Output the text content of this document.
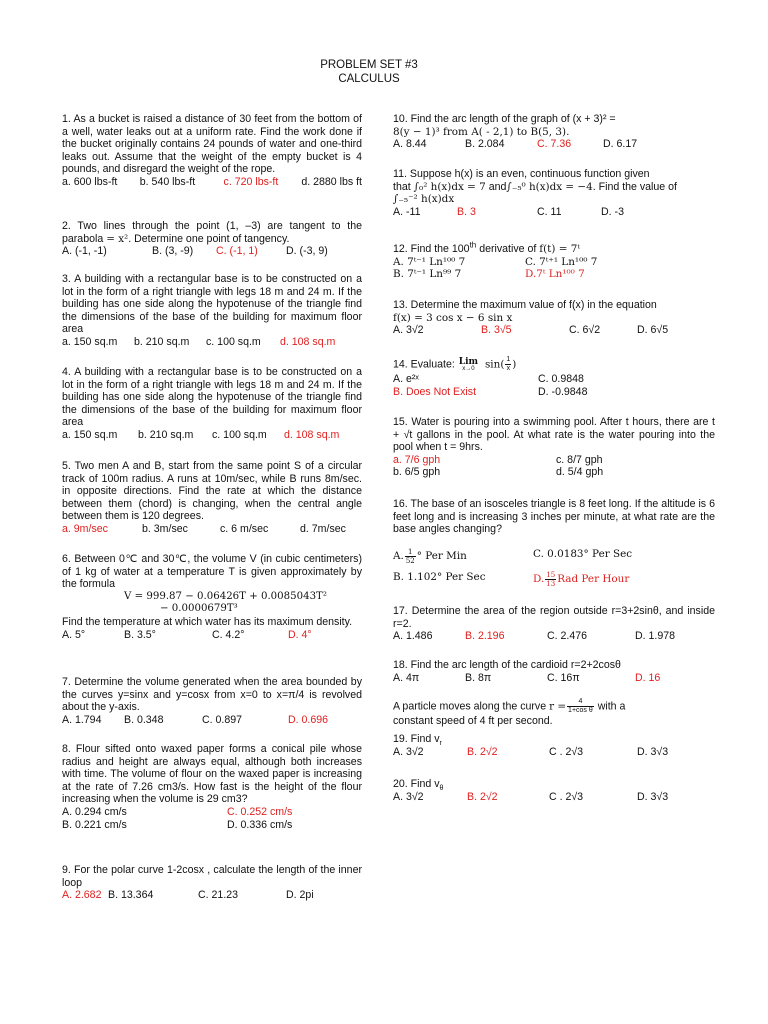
PROBLEM SET #3
CALCULUS
1. As a bucket is raised a distance of 30 feet from the bottom of a well, water leaks out at a uniform rate. Find the work done if the bucket originally contains 24 pounds of water and one-third leaks out. Assume that the weight of the empty bucket is 4 pounds, and disregard the weight of the rope.
a. 600 lbs-ft	b. 540 lbs-ft	c. 720 lbs-ft	d. 2880 lbs ft
2. Two lines through the point (1, –3) are tangent to the parabola = x². Determine one point of tangency.
A. (-1, -1)	B. (3, -9)	C. (-1, 1)	D. (-3, 9)
3. A building with a rectangular base is to be constructed on a lot in the form of a right triangle with legs 18 m and 24 m. If the building has one side along the hypotenuse of the triangle find the dimensions of the base of the building for maximum floor area
a. 150 sq.m	b. 210 sq.m	c. 100 sq.m	d. 108 sq.m
4. A building with a rectangular base is to be constructed on a lot in the form of a right triangle with legs 18 m and 24 m. If the building has one side along the hypotenuse of the triangle find the dimensions of the base of the building for maximum floor area
a. 150 sq.m	b. 210 sq.m	c. 100 sq.m	d. 108 sq.m
5. Two men A and B, start from the same point S of a circular track of 100m radius. A runs at 10m/sec, while B runs 8m/sec. in opposite directions. Find the rate at which the distance between them (chord) is changing, when the central angle between them is 120 degrees.
a. 9m/sec	b. 3m/sec	c. 6 m/sec	d. 7m/sec
6. Between 0℃ and 30℃, the volume V (in cubic centimeters) of 1 kg of water at a temperature T is given approximately by the formula
V = 999.87 − 0.06426T + 0.0085043T²
− 0.0000679T³
Find the temperature at which water has its maximum density.
A. 5°	B. 3.5°	C. 4.2°	D. 4°
7. Determine the volume generated when the area bounded by the curves y=sinx and y=cosx from x=0 to x=π/4 is revolved about the y-axis.
A. 1.794	B. 0.348	C. 0.897	D. 0.696
8. Flour sifted onto waxed paper forms a conical pile whose radius and height are always equal, although both increases with time. The volume of flour on the waxed paper is increasing at the rate of 7.26 cm3/s. How fast is the height of the flour increasing when the volume is 29 cm3?
A. 0.294 cm/s	C. 0.252 cm/s
B. 0.221 cm/s	D. 0.336 cm/s
9. For the polar curve 1-2cosx , calculate the length of the inner loop
A. 2.682 B. 13.364	C. 21.23	D. 2pi
10. Find the arc length of the graph of (x + 3)² =
8(y − 1)³ from A( - 2,1) to B(5, 3).
A. 8.44	B. 2.084	C. 7.36	D. 6.17
11. Suppose h(x) is an even, continuous function given
that ∫₀² h(x)dx = 7 and∫₋₅⁰ h(x)dx = −4. Find the value of
∫₋₅⁻² h(x)dx
A. -11	B. 3	C. 11	D. -3
12. Find the 100th derivative of f(t) = 7ᵗ
A. 7ᵗ⁻¹ Ln¹⁰⁰ 7	C. 7ᵗ⁺¹ Ln¹⁰⁰ 7
B. 7ᵗ⁻¹ Ln⁹⁹ 7	D.7ᵗ Ln¹⁰⁰ 7
13. Determine the maximum value of f(x) in the equation
f(x) = 3 cos x − 6 sin x
A. 3√2	B. 3√5	C. 6√2	D. 6√5
14. Evaluate: Lim
x→0 $\sin( \frac{1}{x}$ )
A. e²ˣ	C. 0.9848
B. Does Not Exist	D. -0.9848
15. Water is pouring into a swimming pool. After t hours, there are t + √t gallons in the pool. At what rate is the water pouring into the pool when t = 9hrs.
a. 7/6 gph	c. 8/7 gph
b. 6/5 gph	d. 5/4 gph
16. The base of an isosceles triangle is 8 feet long. If the altitude is 6 feet long and is increasing 3 inches per minute, at what rate are the base angles changing?
A. $\frac{1}{52}$ ° Per Min	C. 0.0183° Per Sec
B. 1.102° Per Sec	D. $\frac{15}{13}$ Rad Per Hour
17. Determine the area of the region outside r=3+2sinθ, and inside r=2.
A. 1.486	B. 2.196	C. 2.476	D. 1.978
18. Find the arc length of the cardioid r=2+2cosθ
A. 4π	B. 8π	C. 16π	D. 16
A particle moves along the curve $r = \frac{4}{\text{1+cos θ}}$ with a
constant speed of 4 ft per second.
19. Find $v_r$
A. 3√2	B. 2√2	C . 2√3	D. 3√3
20. Find $v_\theta$
A. 3√2	B. 2√2	C . 2√3	D. 3√3
